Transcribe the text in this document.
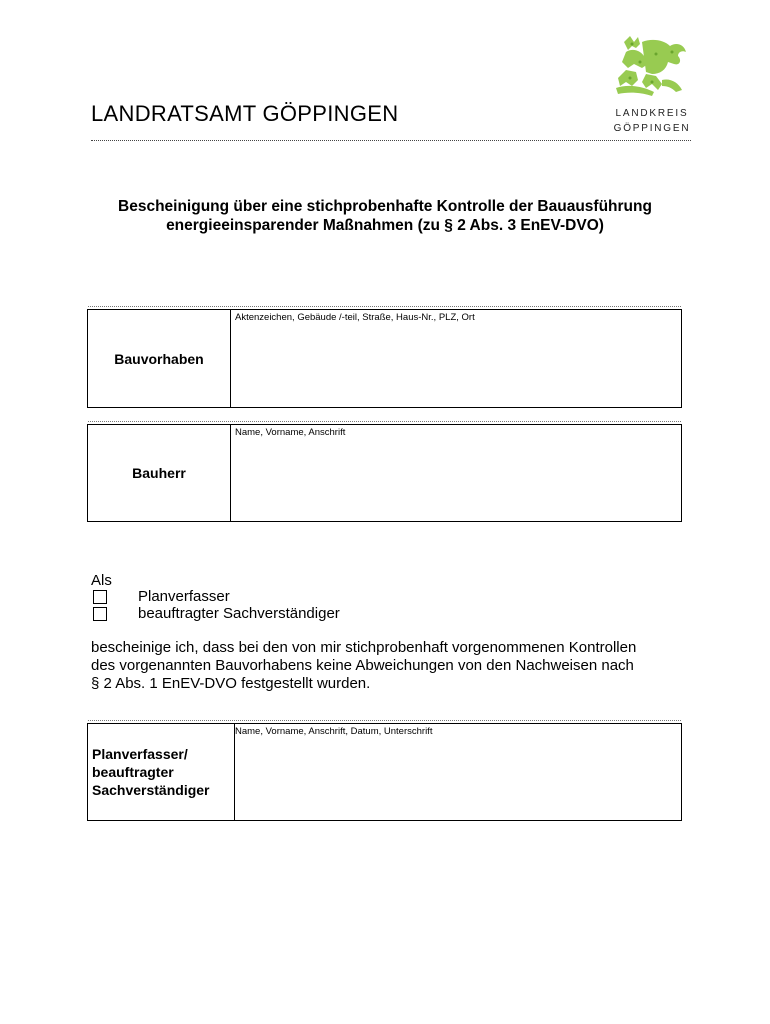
LANDRATSAMT GÖPPINGEN	LANDKREIS
GÖPPINGEN
Bescheinigung über eine stichprobenhafte Kontrolle der Bauausführung
energieeinsparender Maßnahmen (zu § 2 Abs. 3 EnEV-DVO)
Bauvorhaben
Aktenzeichen, Gebäude /-teil, Straße, Haus-Nr., PLZ, Ort
Bauherr
Name, Vorname, Anschrift
Als
Planverfasser
beauftragter Sachverständiger
bescheinige ich, dass bei den von mir stichprobenhaft vorgenommenen Kontrollen
des vorgenannten Bauvorhabens keine Abweichungen von den Nachweisen nach
§ 2 Abs. 1 EnEV-DVO festgestellt wurden.
Planverfasser/
beauftragter
Sachverständiger
Name, Vorname, Anschrift, Datum, Unterschrift
